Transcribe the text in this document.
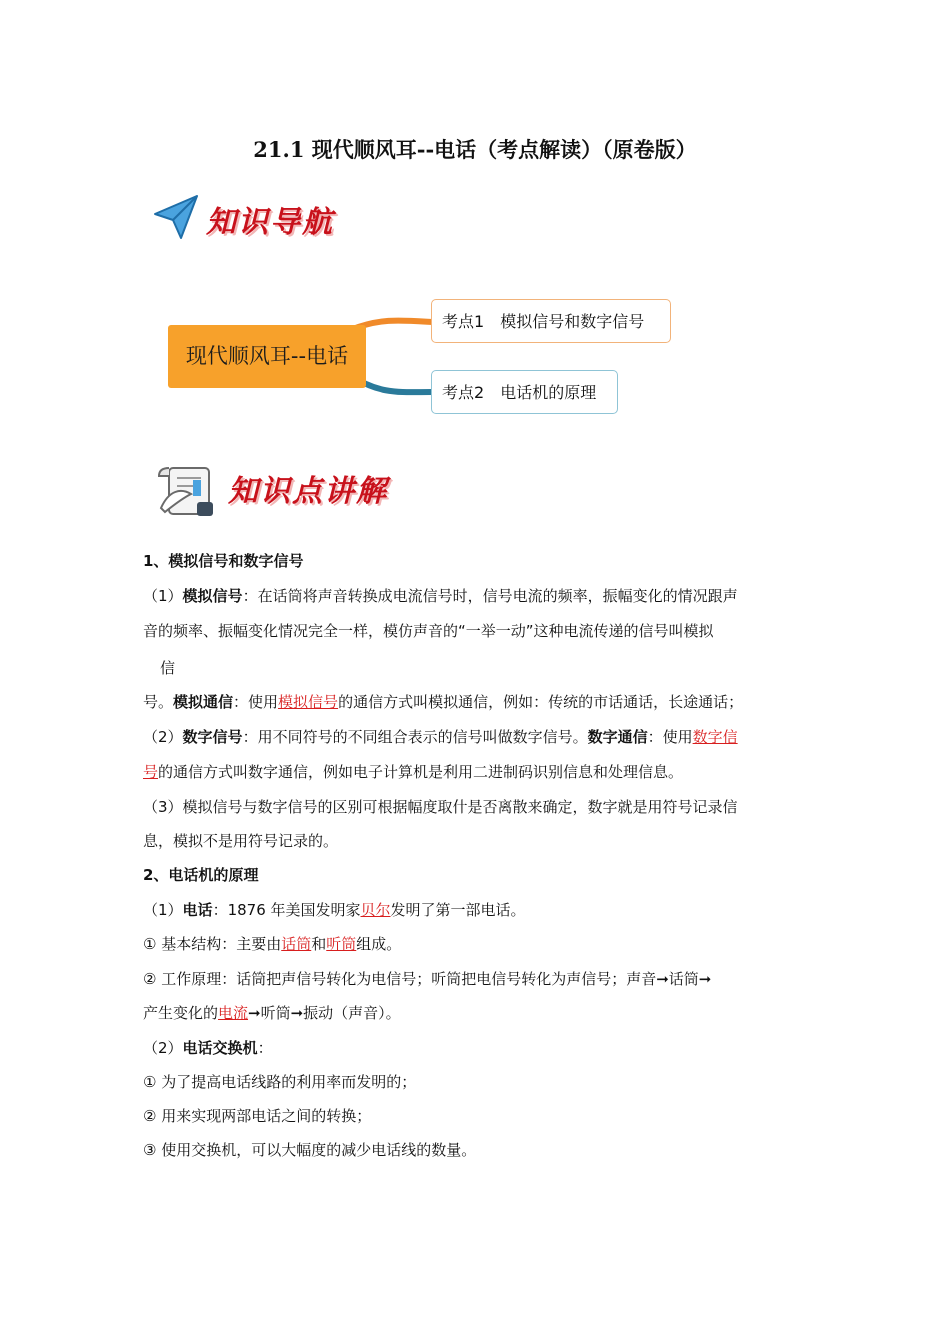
21.1 现代顺风耳--电话（考点解读）（原卷版）
知识导航
现代顺风耳--电话
考点1 模拟信号和数字信号
考点2 电话机的原理
知识点讲解
1、模拟信号和数字信号
（1）模拟信号：在话筒将声音转换成电流信号时，信号电流的频率，振幅变化的情况跟声
音的频率、振幅变化情况完全一样，模仿声音的“一举一动”这种电流传递的信号叫模拟
信
号。模拟通信：使用模拟信号的通信方式叫模拟通信，例如：传统的市话通话，长途通话；
（2）数字信号：用不同符号的不同组合表示的信号叫做数字信号。数字通信：使用数字信
号的通信方式叫数字通信，例如电子计算机是利用二进制码识别信息和处理信息。
（3）模拟信号与数字信号的区别可根据幅度取什是否离散来确定，数字就是用符号记录信
息，模拟不是用符号记录的。
2、电话机的原理
（1）电话：1876 年美国发明家贝尔发明了第一部电话。
① 基本结构：主要由话筒和听筒组成。
② 工作原理：话筒把声信号转化为电信号；听筒把电信号转化为声信号；声音➞话筒➞
产生变化的电流➞听筒➞振动（声音）。
（2）电话交换机：
① 为了提高电话线路的利用率而发明的；
② 用来实现两部电话之间的转换；
③ 使用交换机，可以大幅度的减少电话线的数量。
